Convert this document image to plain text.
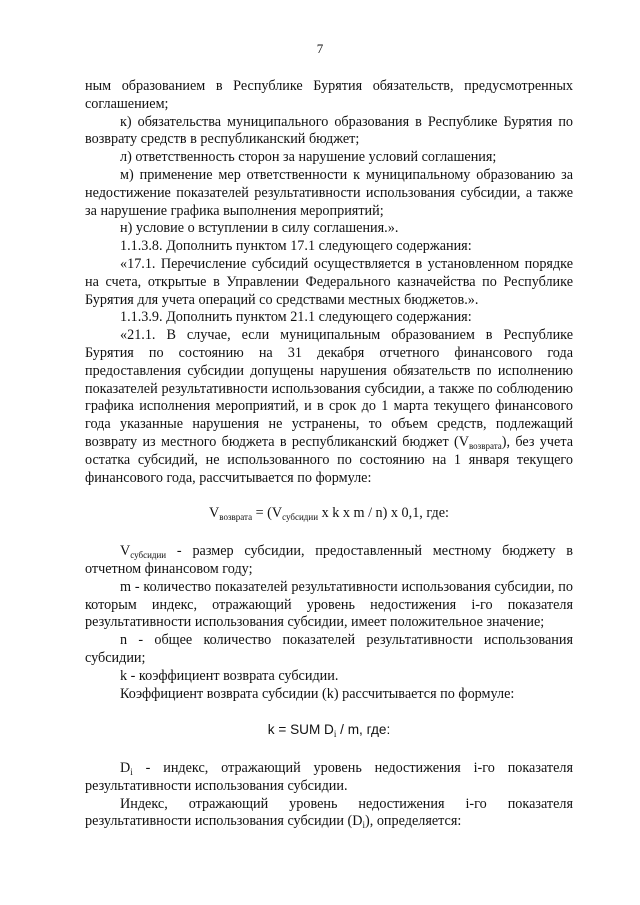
7

ным образованием в Республике Бурятия обязательств, предусмотренных соглашением;

к) обязательства муниципального образования в Республике Бурятия по возврату средств в республиканский бюджет;

л) ответственность сторон за нарушение условий соглашения;

м) применение мер ответственности к муниципальному образованию за недостижение показателей результативности использования субсидии, а также за нарушение графика выполнения мероприятий;

н) условие о вступлении в силу соглашения.».

1.1.3.8. Дополнить пунктом 17.1 следующего содержания:

«17.1. Перечисление субсидий осуществляется в установленном порядке на счета, открытые в Управлении Федерального казначейства по Республике Бурятия для учета операций со средствами местных бюджетов.».

1.1.3.9. Дополнить пунктом 21.1 следующего содержания:

«21.1. В случае, если муниципальным образованием в Республике Бурятия по состоянию на 31 декабря отчетного финансового года предоставления субсидии допущены нарушения обязательств по исполнению показателей результативности использования субсидии, а также по соблюдению графика исполнения мероприятий, и в срок до 1 марта текущего финансового года указанные нарушения не устранены, то объем средств, подлежащий возврату из местного бюджета в республиканский бюджет $(V_{возврата})$, без учета остатка субсидий, не использованного по состоянию на 1 января текущего финансового года, рассчитывается по формуле:

$V_{возврата} = (V_{субсидии}$ x k x m / n) x 0,1, где:

$V_{субсидии}$ - размер субсидии, предоставленный местному бюджету в отчетном финансовом году;

m - количество показателей результативности использования субсидии, по которым индекс, отражающий уровень недостижения i-го показателя результативности использования субсидии, имеет положительное значение;

n - общее количество показателей результативности использования субсидии;

k - коэффициент возврата субсидии.

Коэффициент возврата субсидии (k) рассчитывается по формуле:

k = SUM $D_i$ / m, где:

$D_i$ - индекс, отражающий уровень недостижения i-го показателя результативности использования субсидии.

Индекс, отражающий уровень недостижения i-го показателя результативности использования субсидии $(D_i)$, определяется:
